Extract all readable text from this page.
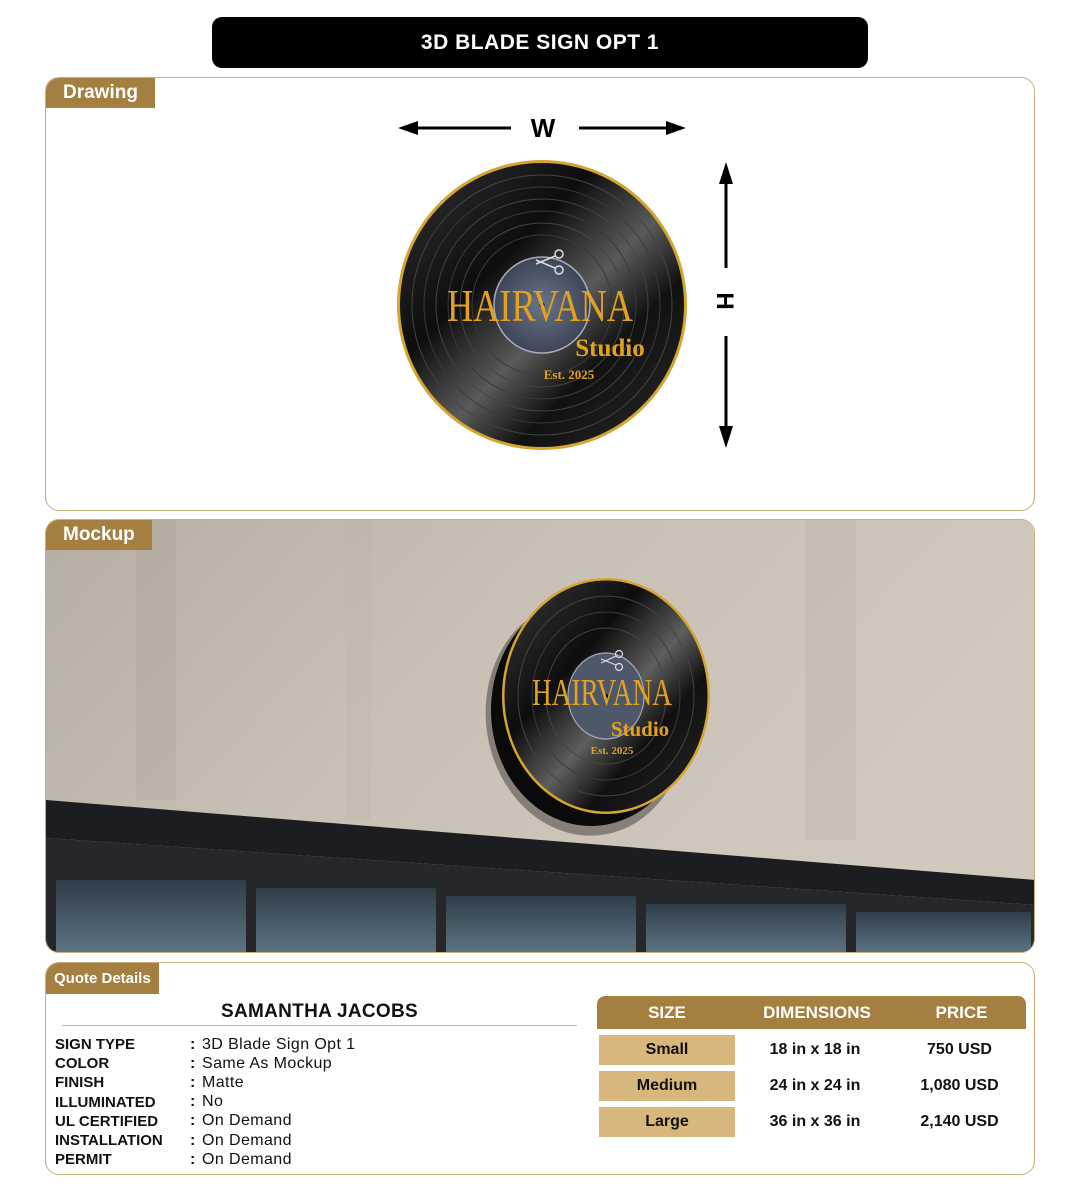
3D BLADE SIGN OPT 1
Drawing
W
H
HAIRVANA
Studio
Est. 2025
Mockup
HAIRVANA
Studio
Est. 2025
Quote Details
SAMANTHA JACOBS
SIGN TYPE	: 3D Blade Sign Opt 1
COLOR	: Same As Mockup
FINISH	: Matte
ILLUMINATED	: No
UL CERTIFIED	: On Demand
INSTALLATION	: On Demand
PERMIT	: On Demand
SIZE	DIMENSIONS	PRICE
Small	18 in x 18 in	750 USD
Medium	24 in x 24 in	1,080 USD
Large	36 in x 36 in	2,140 USD
